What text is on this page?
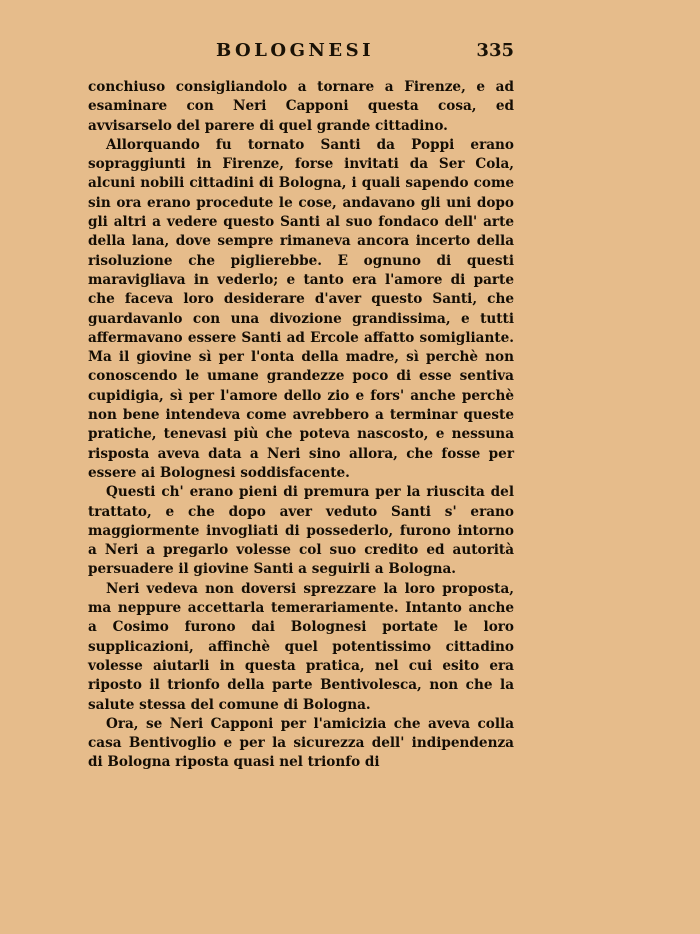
BOLOGNESI	335

conchiuso consigliandolo a tornare a Firenze, e ad esaminare con Neri Capponi questa cosa, ed avvisarselo del parere di quel grande cittadino.

Allorquando fu tornato Santi da Poppi erano sopraggiunti in Firenze, forse invitati da Ser Cola, alcuni nobili cittadini di Bologna, i quali sapendo come sin ora erano procedute le cose, andavano gli uni dopo gli altri a vedere questo Santi al suo fondaco dell' arte della lana, dove sempre rimaneva ancora incerto della risoluzione che piglierebbe. E ognuno di questi maravigliava in vederlo; e tanto era l'amore di parte che faceva loro desiderare d'aver questo Santi, che guardavanlo con una divozione grandissima, e tutti affermavano essere Santi ad Ercole affatto somigliante. Ma il giovine sì per l'onta della madre, sì perchè non conoscendo le umane grandezze poco di esse sentiva cupidigia, sì per l'amore dello zio e fors' anche perchè non bene intendeva come avrebbero a terminar queste pratiche, tenevasi più che poteva nascosto, e nessuna risposta aveva data a Neri sino allora, che fosse per essere ai Bolognesi soddisfacente.

Questi ch' erano pieni di premura per la riuscita del trattato, e che dopo aver veduto Santi s' erano maggiormente invogliati di possederlo, furono intorno a Neri a pregarlo volesse col suo credito ed autorità persuadere il giovine Santi a seguirli a Bologna.

Neri vedeva non doversi sprezzare la loro proposta, ma neppure accettarla temerariamente. Intanto anche a Cosimo furono dai Bolognesi portate le loro supplicazioni, affinchè quel potentissimo cittadino volesse aiutarli in questa pratica, nel cui esito era riposto il trionfo della parte Bentivolesca, non che la salute stessa del comune di Bologna.

Ora, se Neri Capponi per l'amicizia che aveva colla casa Bentivoglio e per la sicurezza dell' indipendenza di Bologna riposta quasi nel trionfo di
